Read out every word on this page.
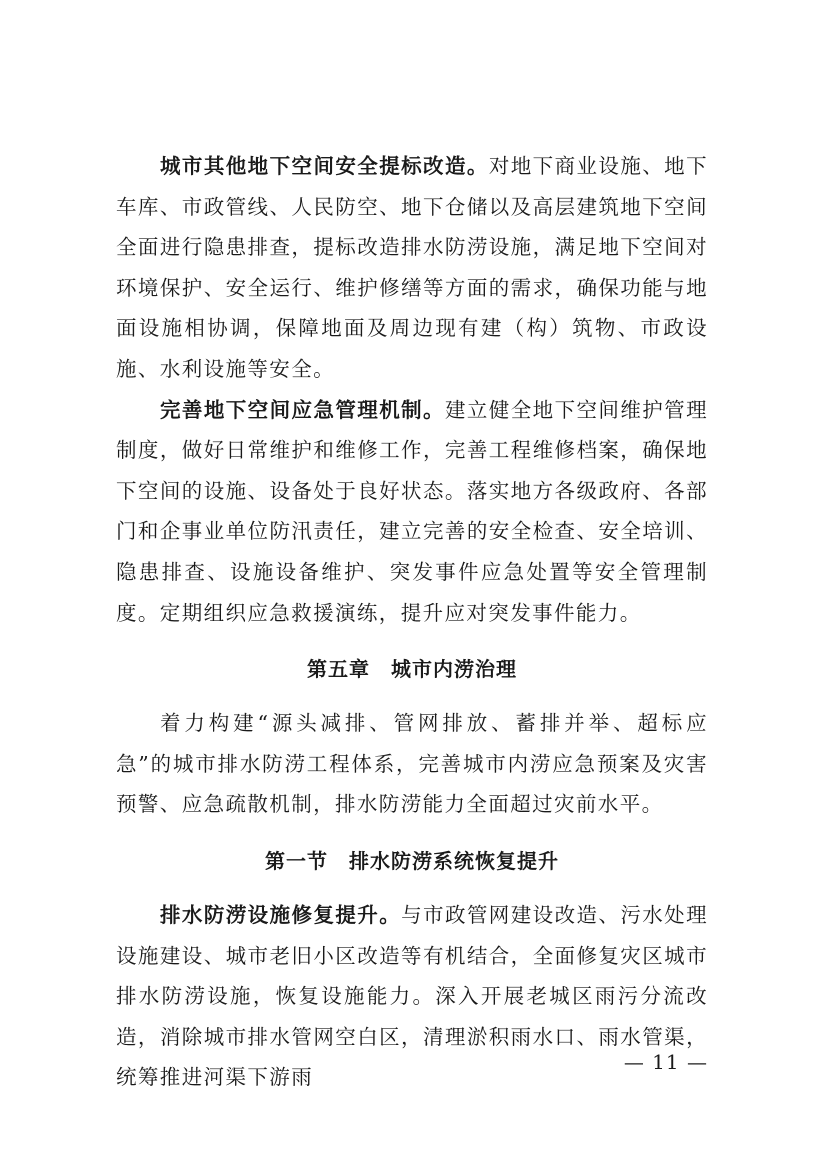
城市其他地下空间安全提标改造。对地下商业设施、地下车库、市政管线、人民防空、地下仓储以及高层建筑地下空间全面进行隐患排查，提标改造排水防涝设施，满足地下空间对环境保护、安全运行、维护修缮等方面的需求，确保功能与地面设施相协调，保障地面及周边现有建（构）筑物、市政设施、水利设施等安全。

完善地下空间应急管理机制。建立健全地下空间维护管理制度，做好日常维护和维修工作，完善工程维修档案，确保地下空间的设施、设备处于良好状态。落实地方各级政府、各部门和企事业单位防汛责任，建立完善的安全检查、安全培训、隐患排查、设施设备维护、突发事件应急处置等安全管理制度。定期组织应急救援演练，提升应对突发事件能力。

第五章　城市内涝治理

着力构建“源头减排、管网排放、蓄排并举、超标应急”的城市排水防涝工程体系，完善城市内涝应急预案及灾害预警、应急疏散机制，排水防涝能力全面超过灾前水平。

第一节　排水防涝系统恢复提升

排水防涝设施修复提升。与市政管网建设改造、污水处理设施建设、城市老旧小区改造等有机结合，全面修复灾区城市排水防涝设施，恢复设施能力。深入开展老城区雨污分流改造，消除城市排水管网空白区，清理淤积雨水口、雨水管渠，统筹推进河渠下游雨

— 11 —
